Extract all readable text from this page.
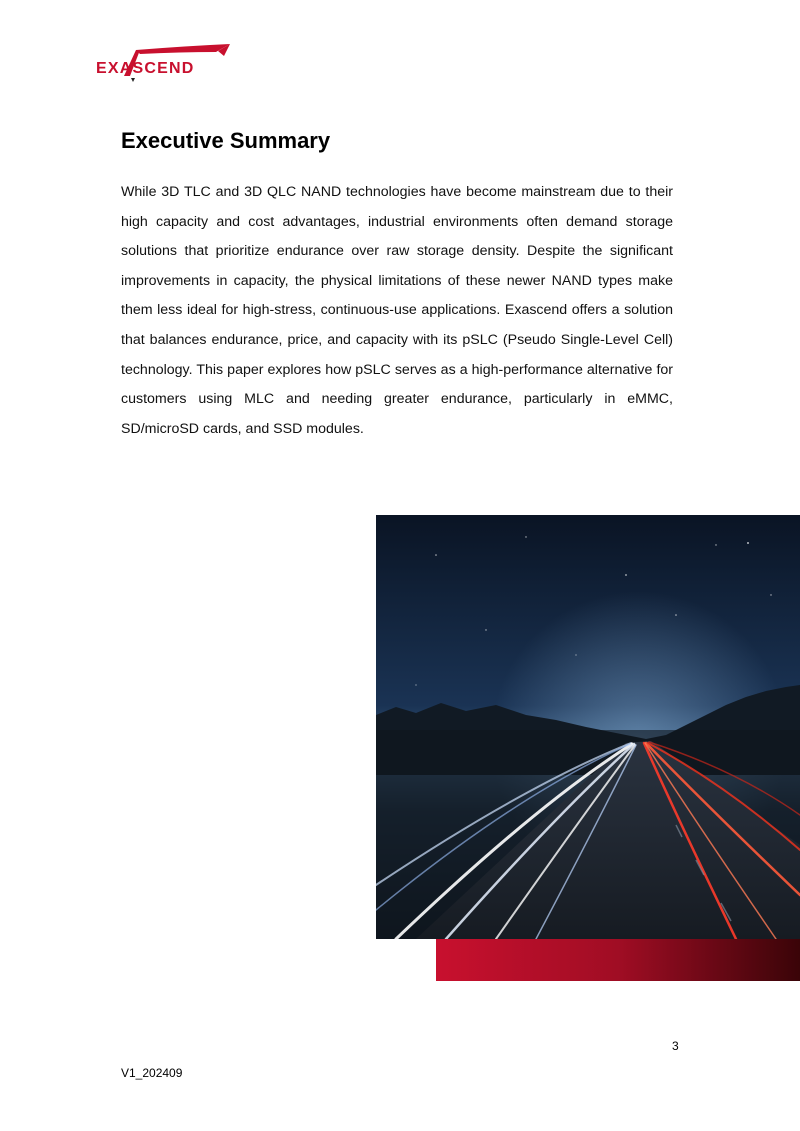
EXASCEND
Executive Summary

While 3D TLC and 3D QLC NAND technologies have become mainstream due to their high capacity and cost advantages, industrial environments often demand storage solutions that prioritize endurance over raw storage density. Despite the significant improvements in capacity, the physical limitations of these newer NAND types make them less ideal for high-stress, continuous-use applications. Exascend offers a solution that balances endurance, price, and capacity with its pSLC (Pseudo Single-Level Cell) technology. This paper explores how pSLC serves as a high-performance alternative for customers using MLC and needing greater endurance, particularly in eMMC, SD/microSD cards, and SSD modules.

3
V1_202409
